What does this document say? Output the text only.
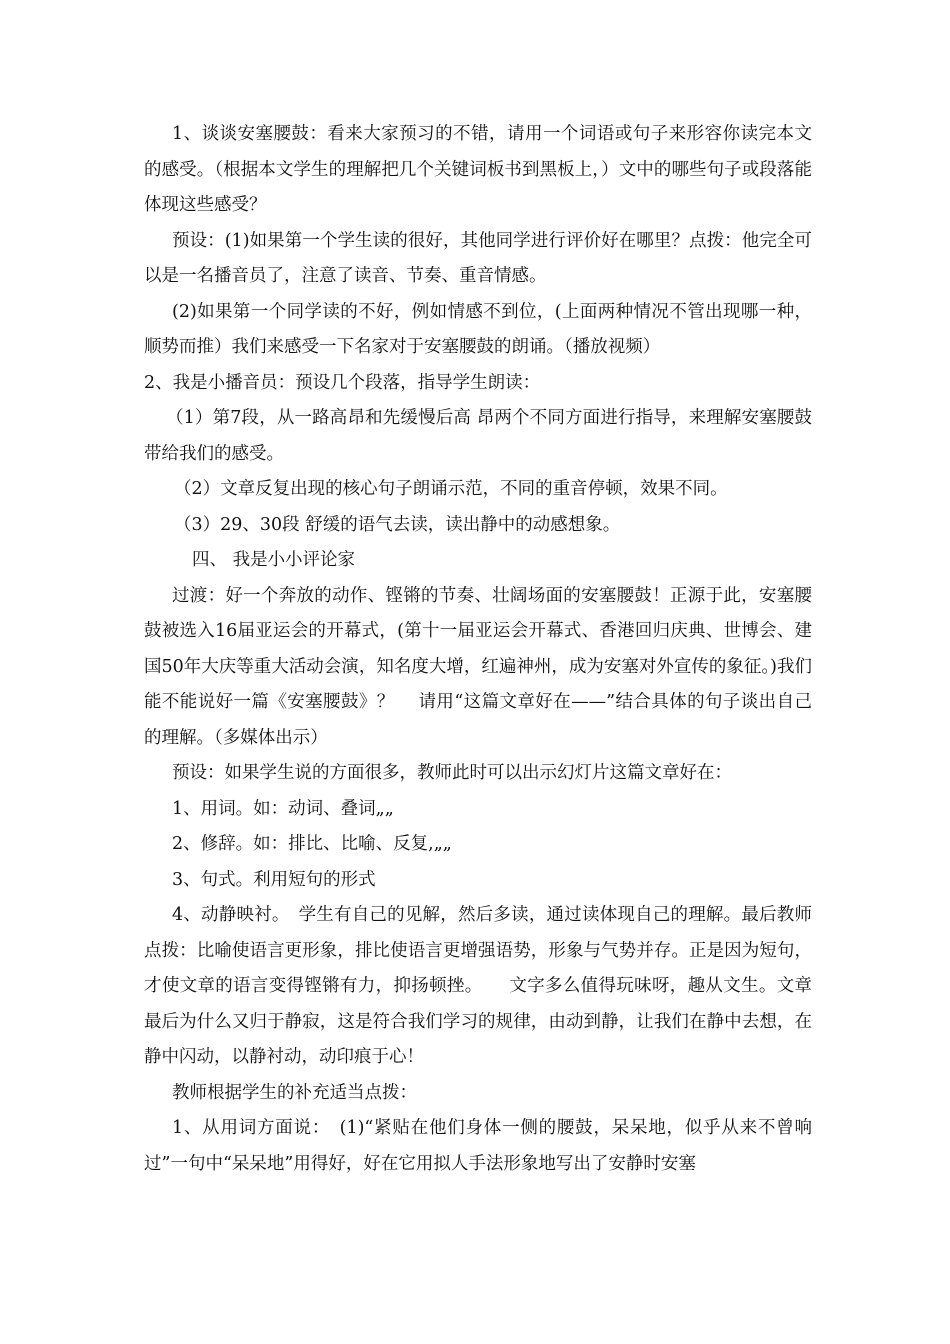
1、谈谈安塞腰鼓：看来大家预习的不错，请用一个词语或句子来形容你读完本文的感受。（根据本文学生的理解把几个关键词板书到黑板上，）文中的哪些句子或段落能体现这些感受？

预设：(1)如果第一个学生读的很好，其他同学进行评价好在哪里？点拨：他完全可以是一名播音员了，注意了读音、节奏、重音情感。

(2)如果第一个同学读的不好，例如情感不到位，(上面两种情况不管出现哪一种，顺势而推）我们来感受一下名家对于安塞腰鼓的朗诵。（播放视频）

2、我是小播音员：预设几个段落，指导学生朗读：

（1）第7段，从一路高昂和先缓慢后高 昂两个不同方面进行指导，来理解安塞腰鼓带给我们的感受。

（2）文章反复出现的核心句子朗诵示范，不同的重音停顿，效果不同。

（3）29、30段 舒缓的语气去读，读出静中的动感想象。

四、 我是小小评论家

过渡：好一个奔放的动作、铿锵的节奏、壮阔场面的安塞腰鼓！正源于此，安塞腰鼓被选入16届亚运会的开幕式，(第十一届亚运会开幕式、香港回归庆典、世博会、建国50年大庆等重大活动会演，知名度大增，红遍神州，成为安塞对外宣传的象征。)我们能不能说好一篇《安塞腰鼓》？　 请用“这篇文章好在——”结合具体的句子谈出自己的理解。（多媒体出示）

预设：如果学生说的方面很多，教师此时可以出示幻灯片这篇文章好在：

1、用词。如：动词、叠词„„

2、修辞。如：排比、比喻、反复,„„

3、句式。利用短句的形式

4、动静映衬。　学生有自己的见解，然后多读，通过读体现自己的理解。最后教师点拨：比喻使语言更形象，排比使语言更增强语势，形象与气势并存。正是因为短句，才使文章的语言变得铿锵有力，抑扬顿挫。　　文字多么值得玩味呀，趣从文生。文章最后为什么又归于静寂，这是符合我们学习的规律，由动到静，让我们在静中去想，在静中闪动，以静衬动，动印痕于心！

教师根据学生的补充适当点拨：

1、从用词方面说：　(1)“紧贴在他们身体一侧的腰鼓，呆呆地，似乎从来不曾响过”一句中“呆呆地”用得好，好在它用拟人手法形象地写出了安静时安塞
